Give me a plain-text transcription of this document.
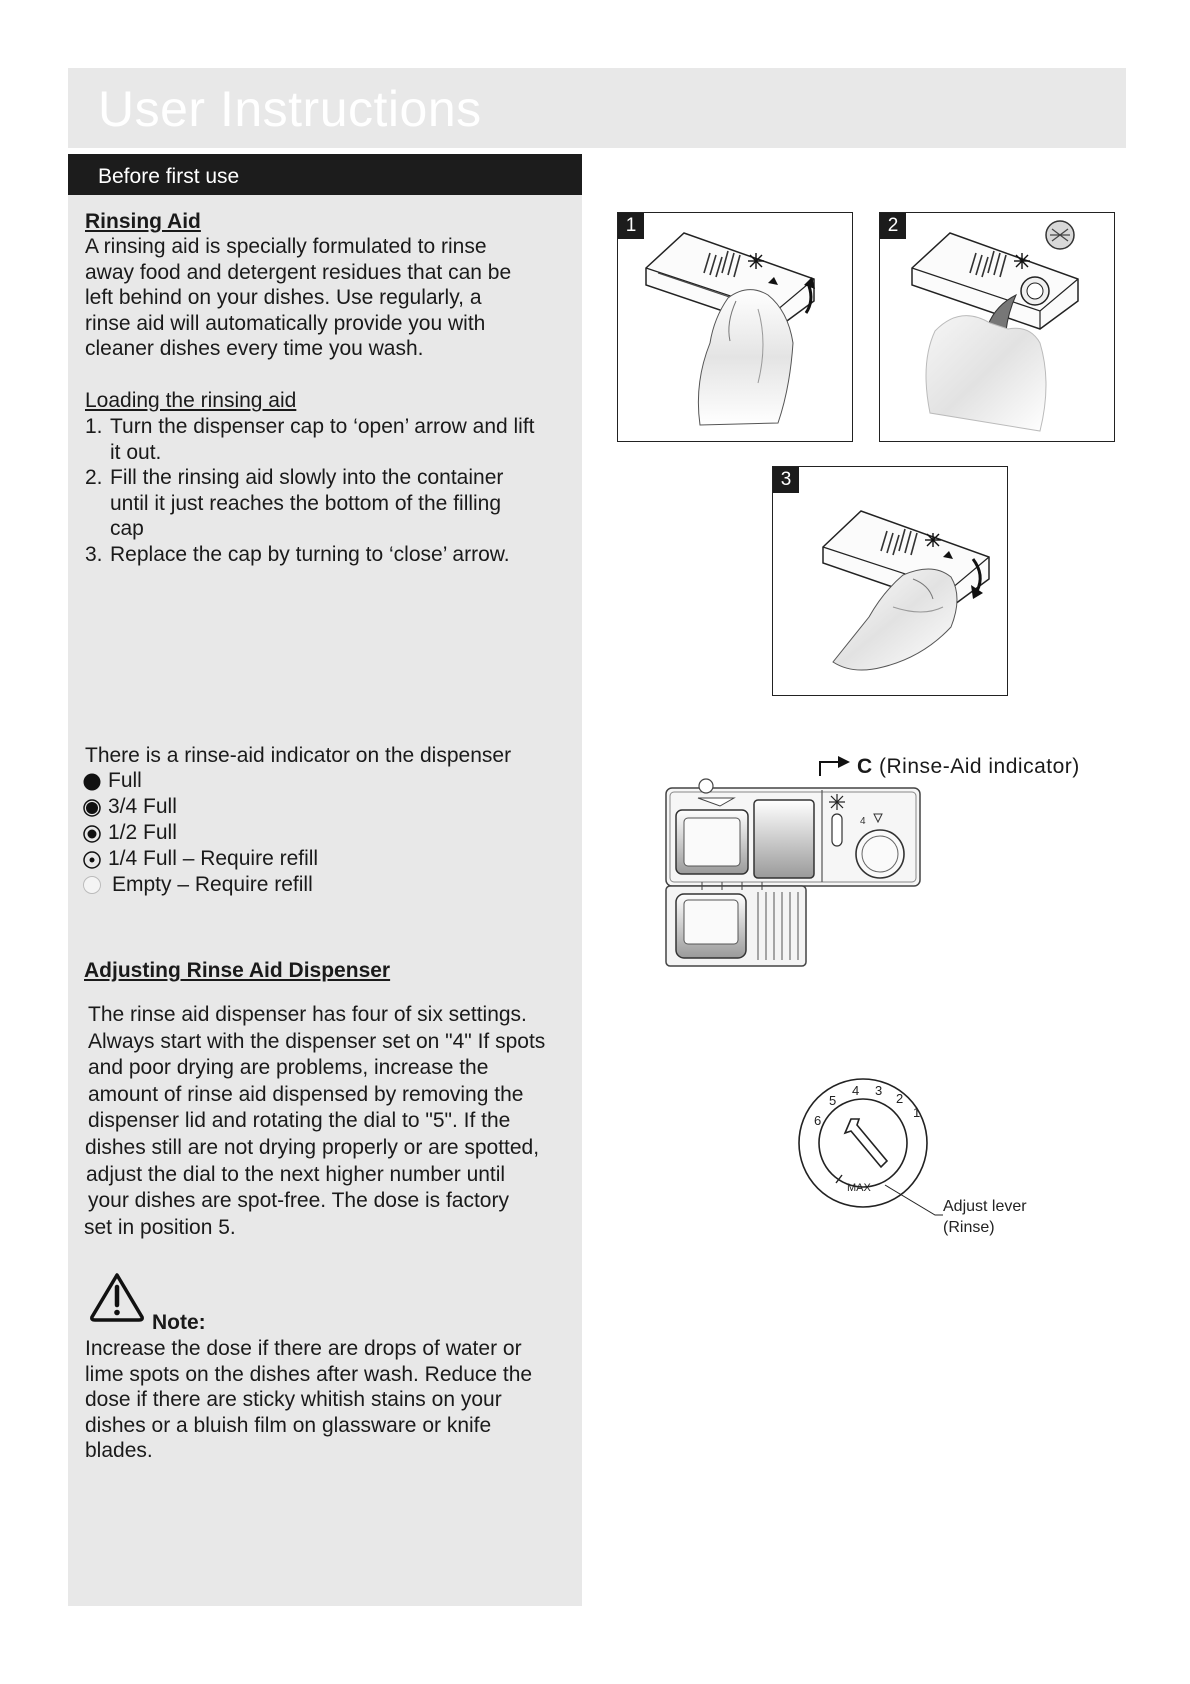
User Instructions
Before first use
Rinsing Aid
A rinsing aid is specially formulated to rinse
away food and detergent residues that can be
left behind on your dishes. Use regularly, a
rinse aid will automatically provide you with
cleaner dishes every time you wash.
Loading the rinsing aid
1. Turn the dispenser cap to ‘open’ arrow and lift
it out.
2. Fill the rinsing aid slowly into the container
until it just reaches the bottom of the filling
cap
3. Replace the cap by turning to ‘close’ arrow.
There is a rinse-aid indicator on the dispenser
Full
3/4 Full
1/2 Full
1/4 Full – Require refill
Empty – Require refill
Adjusting Rinse Aid Dispenser
The rinse aid dispenser has four of six settings.
Always start with the dispenser set on "4" If spots
and poor drying are problems, increase the
amount of rinse aid dispensed by removing the
dispenser lid and rotating the dial to "5". If the
dishes still are not drying properly or are spotted,
adjust the dial to the next higher number until
your dishes are spot-free. The dose is factory
set in position 5.
Note:
Increase the dose if there are drops of water or
lime spots on the dishes after wash. Reduce the
dose if there are sticky whitish stains on your
dishes or a bluish film on glassware or knife
blades.
1	2
3
4
C (Rinse-Aid indicator)
4 3
2
1
5
6
MAX
Adjust lever
(Rinse)
